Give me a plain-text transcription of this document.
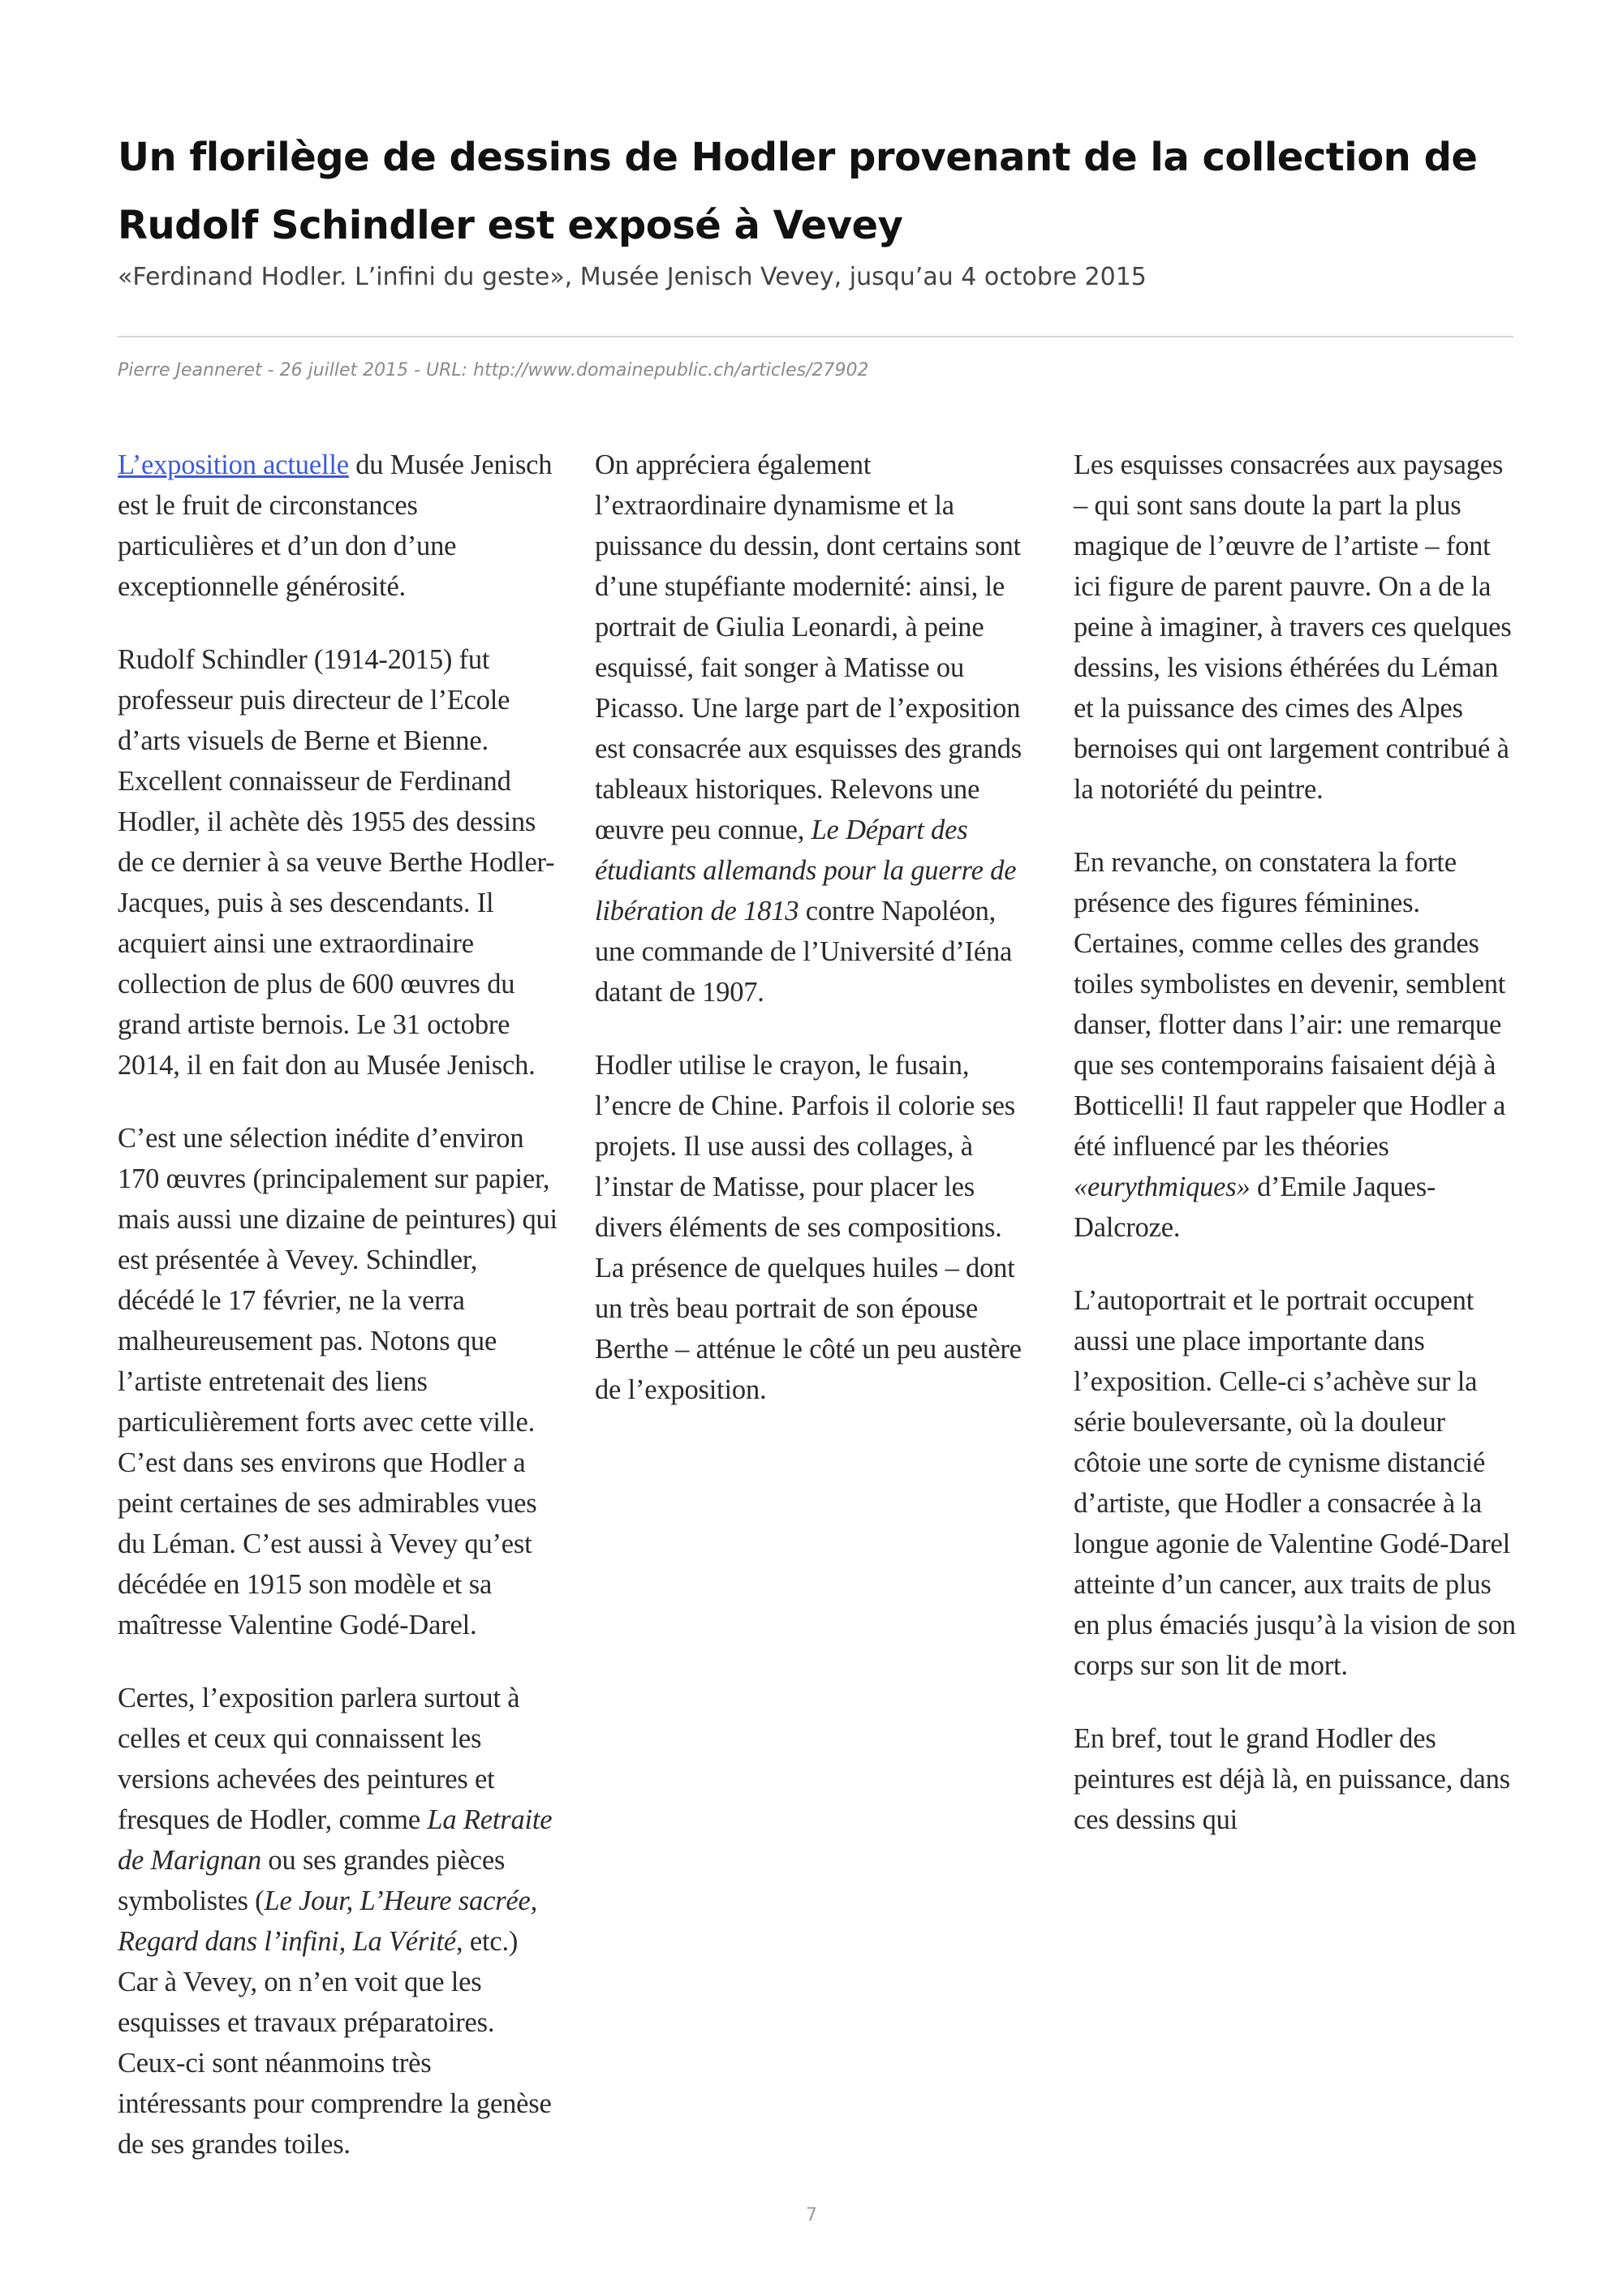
Un florilège de dessins de Hodler provenant de la collection de Rudolf Schindler est exposé à Vevey
«Ferdinand Hodler. L’infini du geste», Musée Jenisch Vevey, jusqu’au 4 octobre 2015
Pierre Jeanneret - 26 juillet 2015 - URL: http://www.domainepublic.ch/articles/27902

L’exposition actuelle du Musée Jenisch est le fruit de circonstances particulières et d’un don d’une exceptionnelle générosité.

Rudolf Schindler (1914-2015) fut professeur puis directeur de l’Ecole d’arts visuels de Berne et Bienne. Excellent connaisseur de Ferdinand Hodler, il achète dès 1955 des dessins de ce dernier à sa veuve Berthe Hodler-Jacques, puis à ses descendants. Il acquiert ainsi une extraordinaire collection de plus de 600 œuvres du grand artiste bernois. Le 31 octobre 2014, il en fait don au Musée Jenisch.

C’est une sélection inédite d’environ 170 œuvres (principalement sur papier, mais aussi une dizaine de peintures) qui est présentée à Vevey. Schindler, décédé le 17 février, ne la verra malheureusement pas. Notons que l’artiste entretenait des liens particulièrement forts avec cette ville. C’est dans ses environs que Hodler a peint certaines de ses admirables vues du Léman. C’est aussi à Vevey qu’est décédée en 1915 son modèle et sa maîtresse Valentine Godé-Darel.

Certes, l’exposition parlera surtout à celles et ceux qui connaissent les versions achevées des peintures et fresques de Hodler, comme La Retraite de Marignan ou ses grandes pièces symbolistes (Le Jour, L’Heure sacrée, Regard dans l’infini, La Vérité, etc.) Car à Vevey, on n’en voit que les esquisses et travaux préparatoires. Ceux-ci sont néanmoins très intéressants pour comprendre la genèse de ses grandes toiles.

On appréciera également l’extraordinaire dynamisme et la puissance du dessin, dont certains sont d’une stupéfiante modernité: ainsi, le portrait de Giulia Leonardi, à peine esquissé, fait songer à Matisse ou Picasso. Une large part de l’exposition est consacrée aux esquisses des grands tableaux historiques. Relevons une œuvre peu connue, Le Départ des étudiants allemands pour la guerre de libération de 1813 contre Napoléon, une commande de l’Université d’Iéna datant de 1907.

Hodler utilise le crayon, le fusain, l’encre de Chine. Parfois il colorie ses projets. Il use aussi des collages, à l’instar de Matisse, pour placer les divers éléments de ses compositions. La présence de quelques huiles – dont un très beau portrait de son épouse Berthe – atténue le côté un peu austère de l’exposition.

Les esquisses consacrées aux paysages – qui sont sans doute la part la plus magique de l’œuvre de l’artiste – font ici figure de parent pauvre. On a de la peine à imaginer, à travers ces quelques dessins, les visions éthérées du Léman et la puissance des cimes des Alpes bernoises qui ont largement contribué à la notoriété du peintre.

En revanche, on constatera la forte présence des figures féminines. Certaines, comme celles des grandes toiles symbolistes en devenir, semblent danser, flotter dans l’air: une remarque que ses contemporains faisaient déjà à Botticelli! Il faut rappeler que Hodler a été influencé par les théories «eurythmiques» d’Emile Jaques-Dalcroze.

L’autoportrait et le portrait occupent aussi une place importante dans l’exposition. Celle-ci s’achève sur la série bouleversante, où la douleur côtoie une sorte de cynisme distancié d’artiste, que Hodler a consacrée à la longue agonie de Valentine Godé-Darel atteinte d’un cancer, aux traits de plus en plus émaciés jusqu’à la vision de son corps sur son lit de mort.

En bref, tout le grand Hodler des peintures est déjà là, en puissance, dans ces dessins qui

7
